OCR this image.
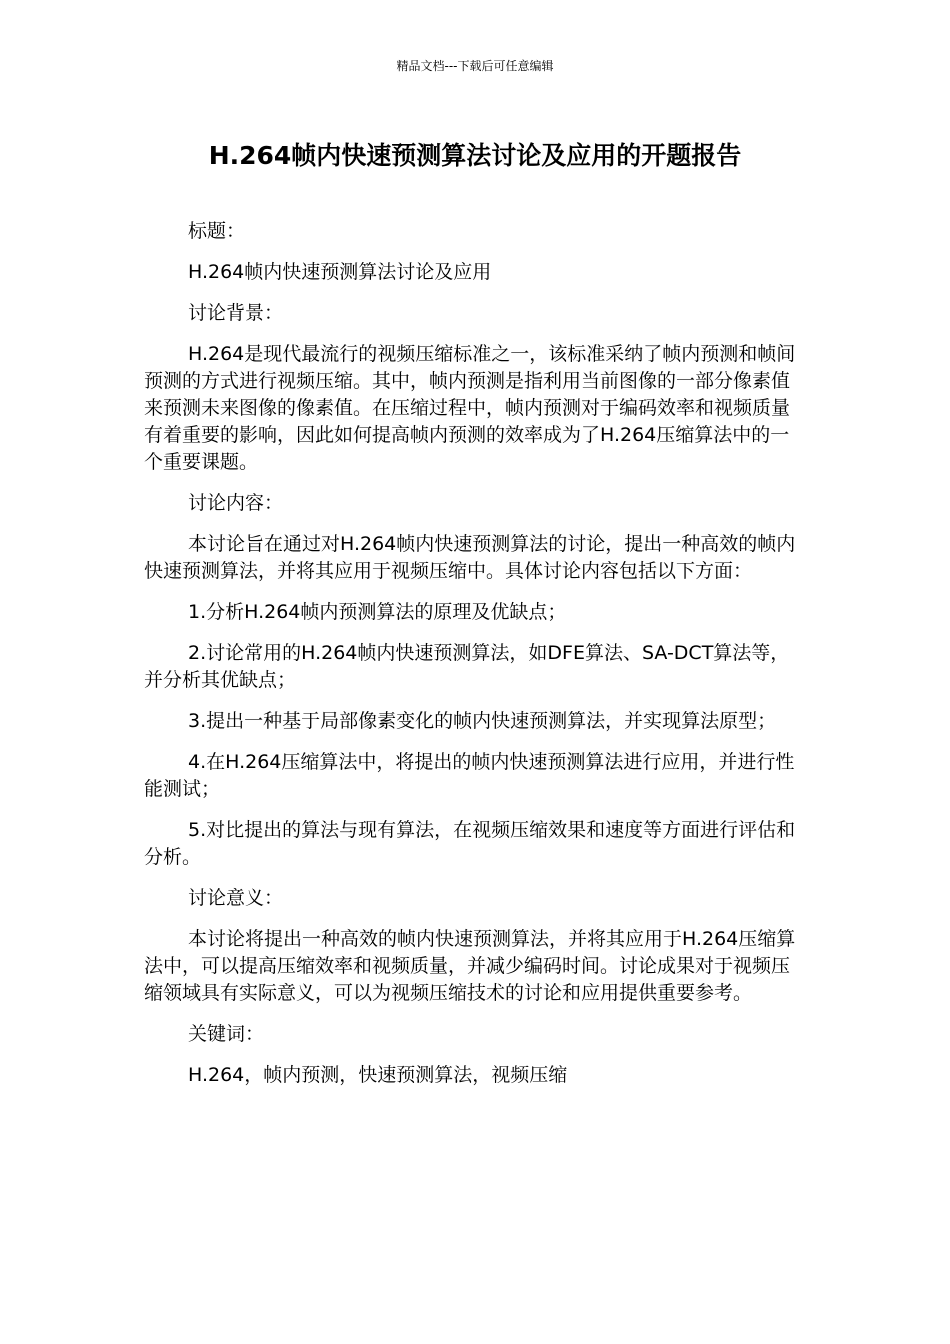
精品文档---下载后可任意编辑
H.264帧内快速预测算法讨论及应用的开题报告

标题：

H.264帧内快速预测算法讨论及应用

讨论背景：

H.264是现代最流行的视频压缩标准之一，该标准采纳了帧内预测和帧间预测的方式进行视频压缩。其中，帧内预测是指利用当前图像的一部分像素值来预测未来图像的像素值。在压缩过程中，帧内预测对于编码效率和视频质量有着重要的影响，因此如何提高帧内预测的效率成为了H.264压缩算法中的一个重要课题。

讨论内容：

本讨论旨在通过对H.264帧内快速预测算法的讨论，提出一种高效的帧内快速预测算法，并将其应用于视频压缩中。具体讨论内容包括以下方面：

1.分析H.264帧内预测算法的原理及优缺点；

2.讨论常用的H.264帧内快速预测算法，如DFE算法、SA-DCT算法等，并分析其优缺点；

3.提出一种基于局部像素变化的帧内快速预测算法，并实现算法原型；

4.在H.264压缩算法中，将提出的帧内快速预测算法进行应用，并进行性能测试；

5.对比提出的算法与现有算法，在视频压缩效果和速度等方面进行评估和分析。

讨论意义：

本讨论将提出一种高效的帧内快速预测算法，并将其应用于H.264压缩算法中，可以提高压缩效率和视频质量，并减少编码时间。讨论成果对于视频压缩领域具有实际意义，可以为视频压缩技术的讨论和应用提供重要参考。

关键词：

H.264，帧内预测，快速预测算法，视频压缩
